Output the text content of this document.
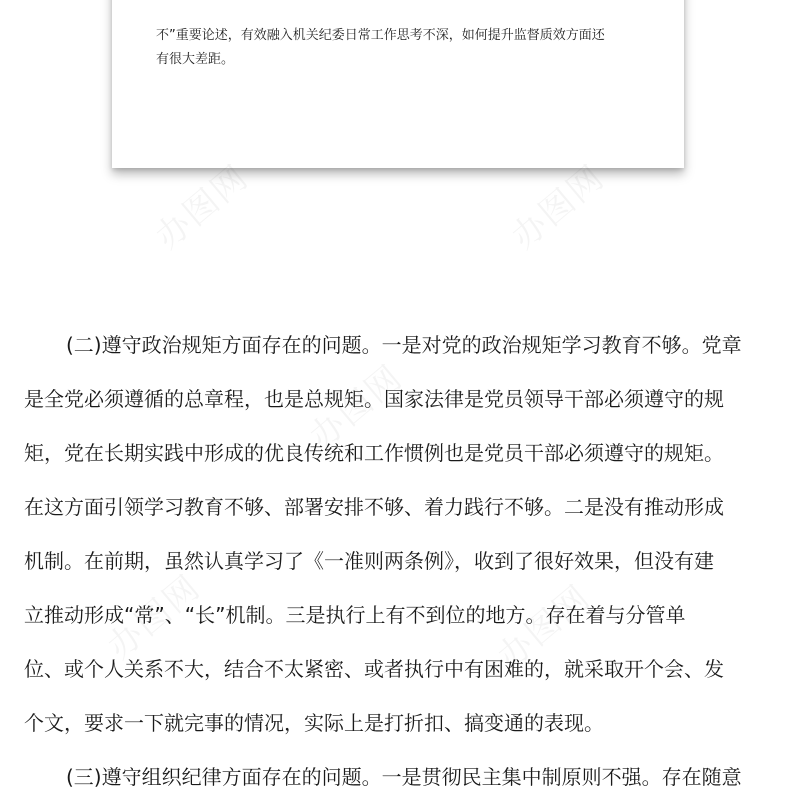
不”重要论述，有效融入机关纪委日常工作思考不深，如何提升监督质效方面还
有很大差距。

(二)遵守政治规矩方面存在的问题。一是对党的政治规矩学习教育不够。党章
是全党必须遵循的总章程，也是总规矩。国家法律是党员领导干部必须遵守的规
矩，党在长期实践中形成的优良传统和工作惯例也是党员干部必须遵守的规矩。
在这方面引领学习教育不够、部署安排不够、着力践行不够。二是没有推动形成
机制。在前期，虽然认真学习了《一准则两条例》，收到了很好效果，但没有建
立推动形成“常”、“长”机制。三是执行上有不到位的地方。存在着与分管单
位、或个人关系不大，结合不太紧密、或者执行中有困难的，就采取开个会、发
个文，要求一下就完事的情况，实际上是打折扣、搞变通的表现。
(三)遵守组织纪律方面存在的问题。一是贯彻民主集中制原则不强。存在随意
